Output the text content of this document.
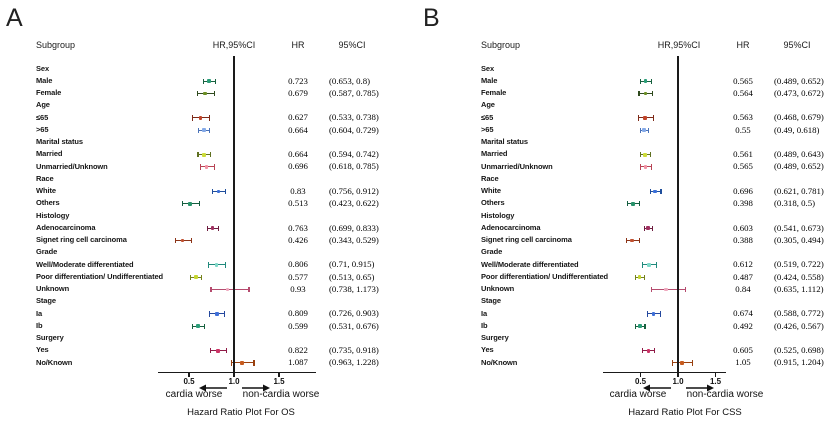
A
Subgroup	HR,95%CI	HR	95%CI
Sex
Male	0.723	(0.653, 0.8)
Female	0.679	(0.587, 0.785)
Age
≤65	0.627	(0.533, 0.738)
>65	0.664	(0.604, 0.729)
Marital status
Married	0.664	(0.594, 0.742)
Unmarried/Unknown	0.696	(0.618, 0.785)
Race
White	0.83	(0.756, 0.912)
Others	0.513	(0.423, 0.622)
Histology
Adenocarcinoma	0.763	(0.699, 0.833)
Signet ring cell carcinoma	0.426	(0.343, 0.529)
Grade
Well/Moderate differentiated	0.806	(0.71, 0.915)
Poor differentiation/ Undifferentiated	0.577	(0.513, 0.65)
Unknown	0.93	(0.738, 1.173)
Stage
Ia	0.809	(0.726, 0.903)
Ib	0.599	(0.531, 0.676)
Surgery
Yes	0.822	(0.735, 0.918)
No/Known	1.087	(0.963, 1.228)
0.5	1.0	1.5
cardia worse	non-cardia worse
Hazard Ratio Plot For OS
B
Subgroup	HR,95%CI	HR	95%CI
Sex
Male	0.565	(0.489, 0.652)
Female	0.564	(0.473, 0.672)
Age
≤65	0.563	(0.468, 0.679)
>65	0.55	(0.49, 0.618)
Marital status
Married	0.561	(0.489, 0.643)
Unmarried/Unknown	0.565	(0.489, 0.652)
Race
White	0.696	(0.621, 0.781)
Others	0.398	(0.318, 0.5)
Histology
Adenocarcinoma	0.603	(0.541, 0.673)
Signet ring cell carcinoma	0.388	(0.305, 0.494)
Grade
Well/Moderate differentiated	0.612	(0.519, 0.722)
Poor differentiation/ Undifferentiated	0.487	(0.424, 0.558)
Unknown	0.84	(0.635, 1.112)
Stage
Ia	0.674	(0.588, 0.772)
Ib	0.492	(0.426, 0.567)
Surgery
Yes	0.605	(0.525, 0.698)
No/Known	1.05	(0.915, 1.204)
0.5	1.0	1.5
cardia worse	non-cardia worse
Hazard Ratio Plot For CSS
